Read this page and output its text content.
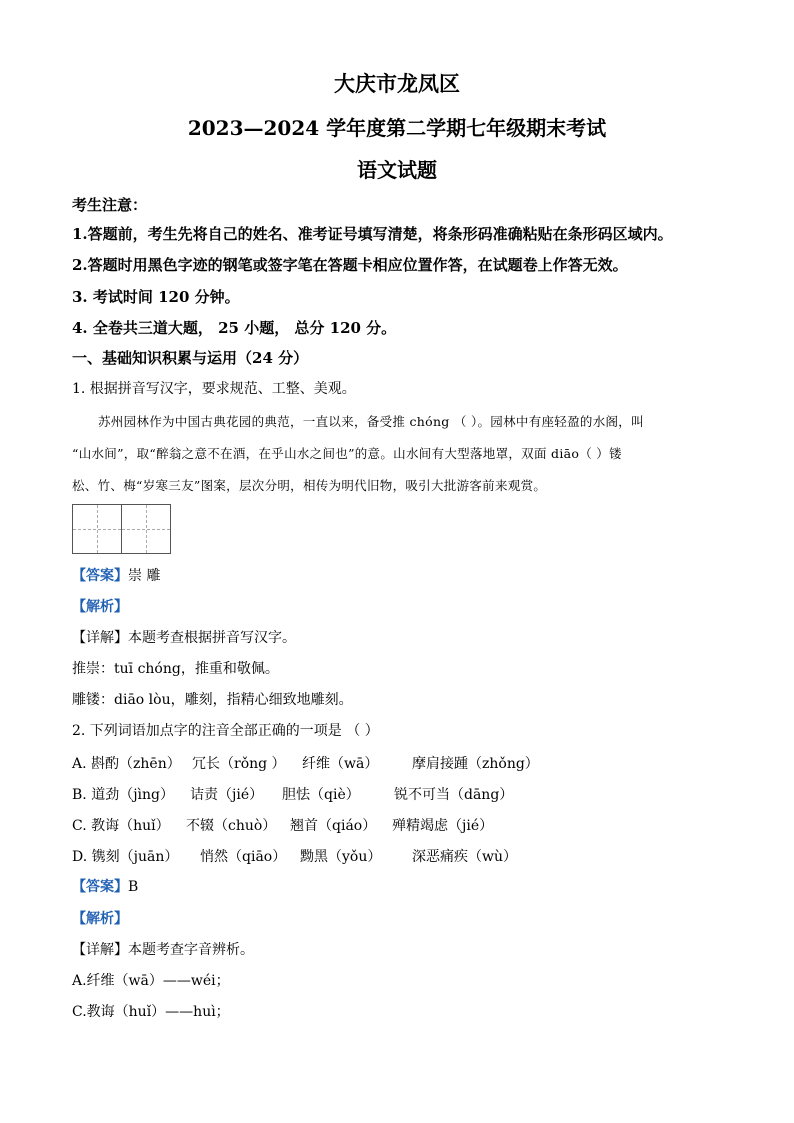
大庆市龙凤区
2023—2024 学年度第二学期七年级期末考试
语文试题
考生注意：
1.答题前，考生先将自己的姓名、准考证号填写清楚，将条形码准确粘贴在条形码区域内。
2.答题时用黑色字迹的钢笔或签字笔在答题卡相应位置作答，在试题卷上作答无效。
3. 考试时间 120 分钟。
4. 全卷共三道大题， 25 小题， 总分 120 分。
一、基础知识积累与运用（24 分）
1. 根据拼音写汉字，要求规范、工整、美观。

苏州园林作为中国古典花园的典范，一直以来，备受推 chóng （ ）。园林中有座轻盈的水阁，叫

“山水间”，取“醉翁之意不在酒，在乎山水之间也”的意。山水间有大型落地罩，双面 diāo（ ）镂

松、竹、梅“岁寒三友”图案，层次分明，相传为明代旧物，吸引大批游客前来观赏。

【答案】崇 雕
【解析】
【详解】本题考查根据拼音写汉字。
推崇：tuī chóng，推重和敬佩。
雕镂：diāo lòu，雕刻，指精心细致地雕刻。
2. 下列词语加点字的注音全部正确的一项是 （ ）
A. 斟酌（zhēn） 冗长（rǒng ） 纤维（wā） 摩肩接踵（zhǒng）
B. 道劲（jìng） 诘责（jié） 胆怯（qiè） 锐不可当（dāng）
C. 教诲（huǐ） 不辍（chuò） 翘首（qiáo） 殚精竭虑（jié）
D. 镌刻（juān） 悄然（qiāo） 黝黑（yǒu） 深恶痛疾（wù）
【答案】B
【解析】
【详解】本题考查字音辨析。
A.纤维（wā）——wéi；
C.教诲（huǐ）——huì；
